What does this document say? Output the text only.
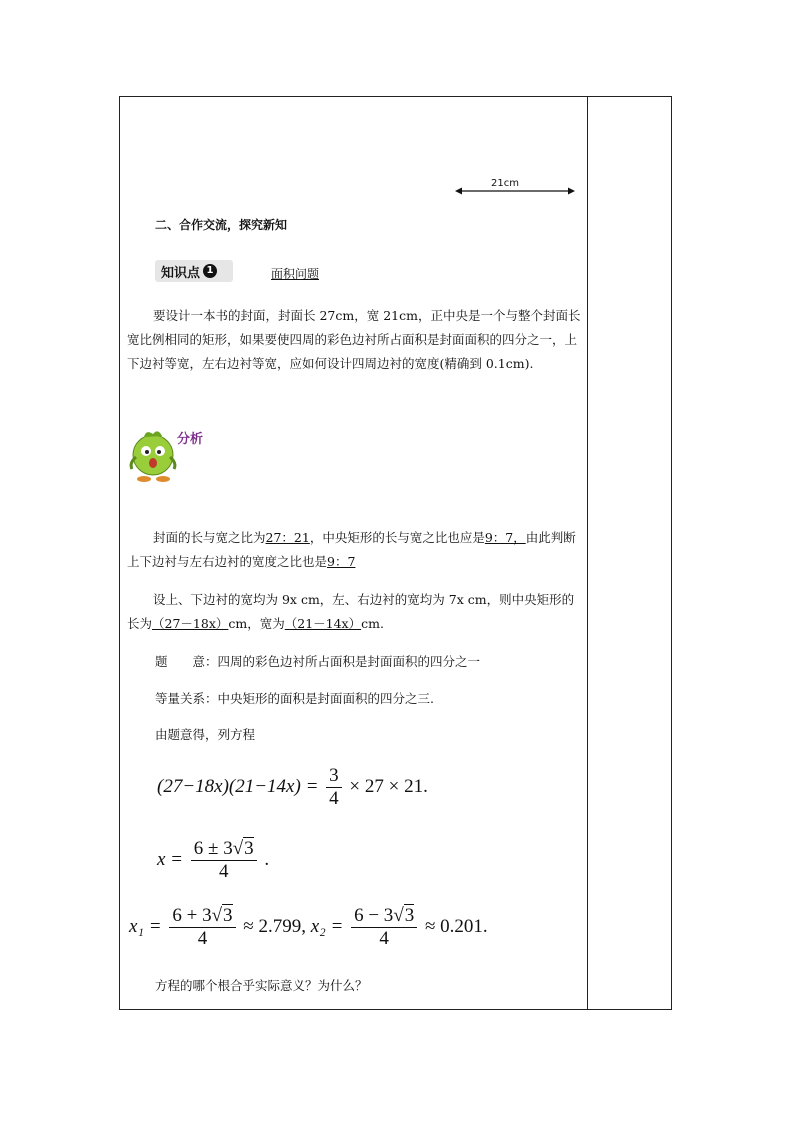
21cm
二、合作交流，探究新知
知识点 1	面积问题

要设计一本书的封面，封面长 27cm，宽 21cm，正中央是一个与整个封面长宽比例相同的矩形，如果要使四周的彩色边衬所占面积是封面面积的四分之一，上下边衬等宽，左右边衬等宽，应如何设计四周边衬的宽度(精确到 0.1cm).

分析

封面的长与宽之比为27：21，中央矩形的长与宽之比也应是9：7，由此判断上下边衬与左右边衬的宽度之比也是9：7

设上、下边衬的宽均为 9x cm，左、右边衬的宽均为 7x cm，则中央矩形的长为（27－18x）cm，宽为（21－14x）cm.

题　　意：四周的彩色边衬所占面积是封面面积的四分之一

等量关系：中央矩形的面积是封面面积的四分之三.

由题意得，列方程

$(27-18x)(21-14x) = \frac{3}{4} \times 27 \times 21$.
$x = \frac{6 \pm 3√3}{4}$ .
$x_1 = \frac{6 + 3√3}{4} \approx 2.799$, $x_2 = \frac{6 - 3√3}{4} \approx 0.201$.

方程的哪个根合乎实际意义？为什么？
